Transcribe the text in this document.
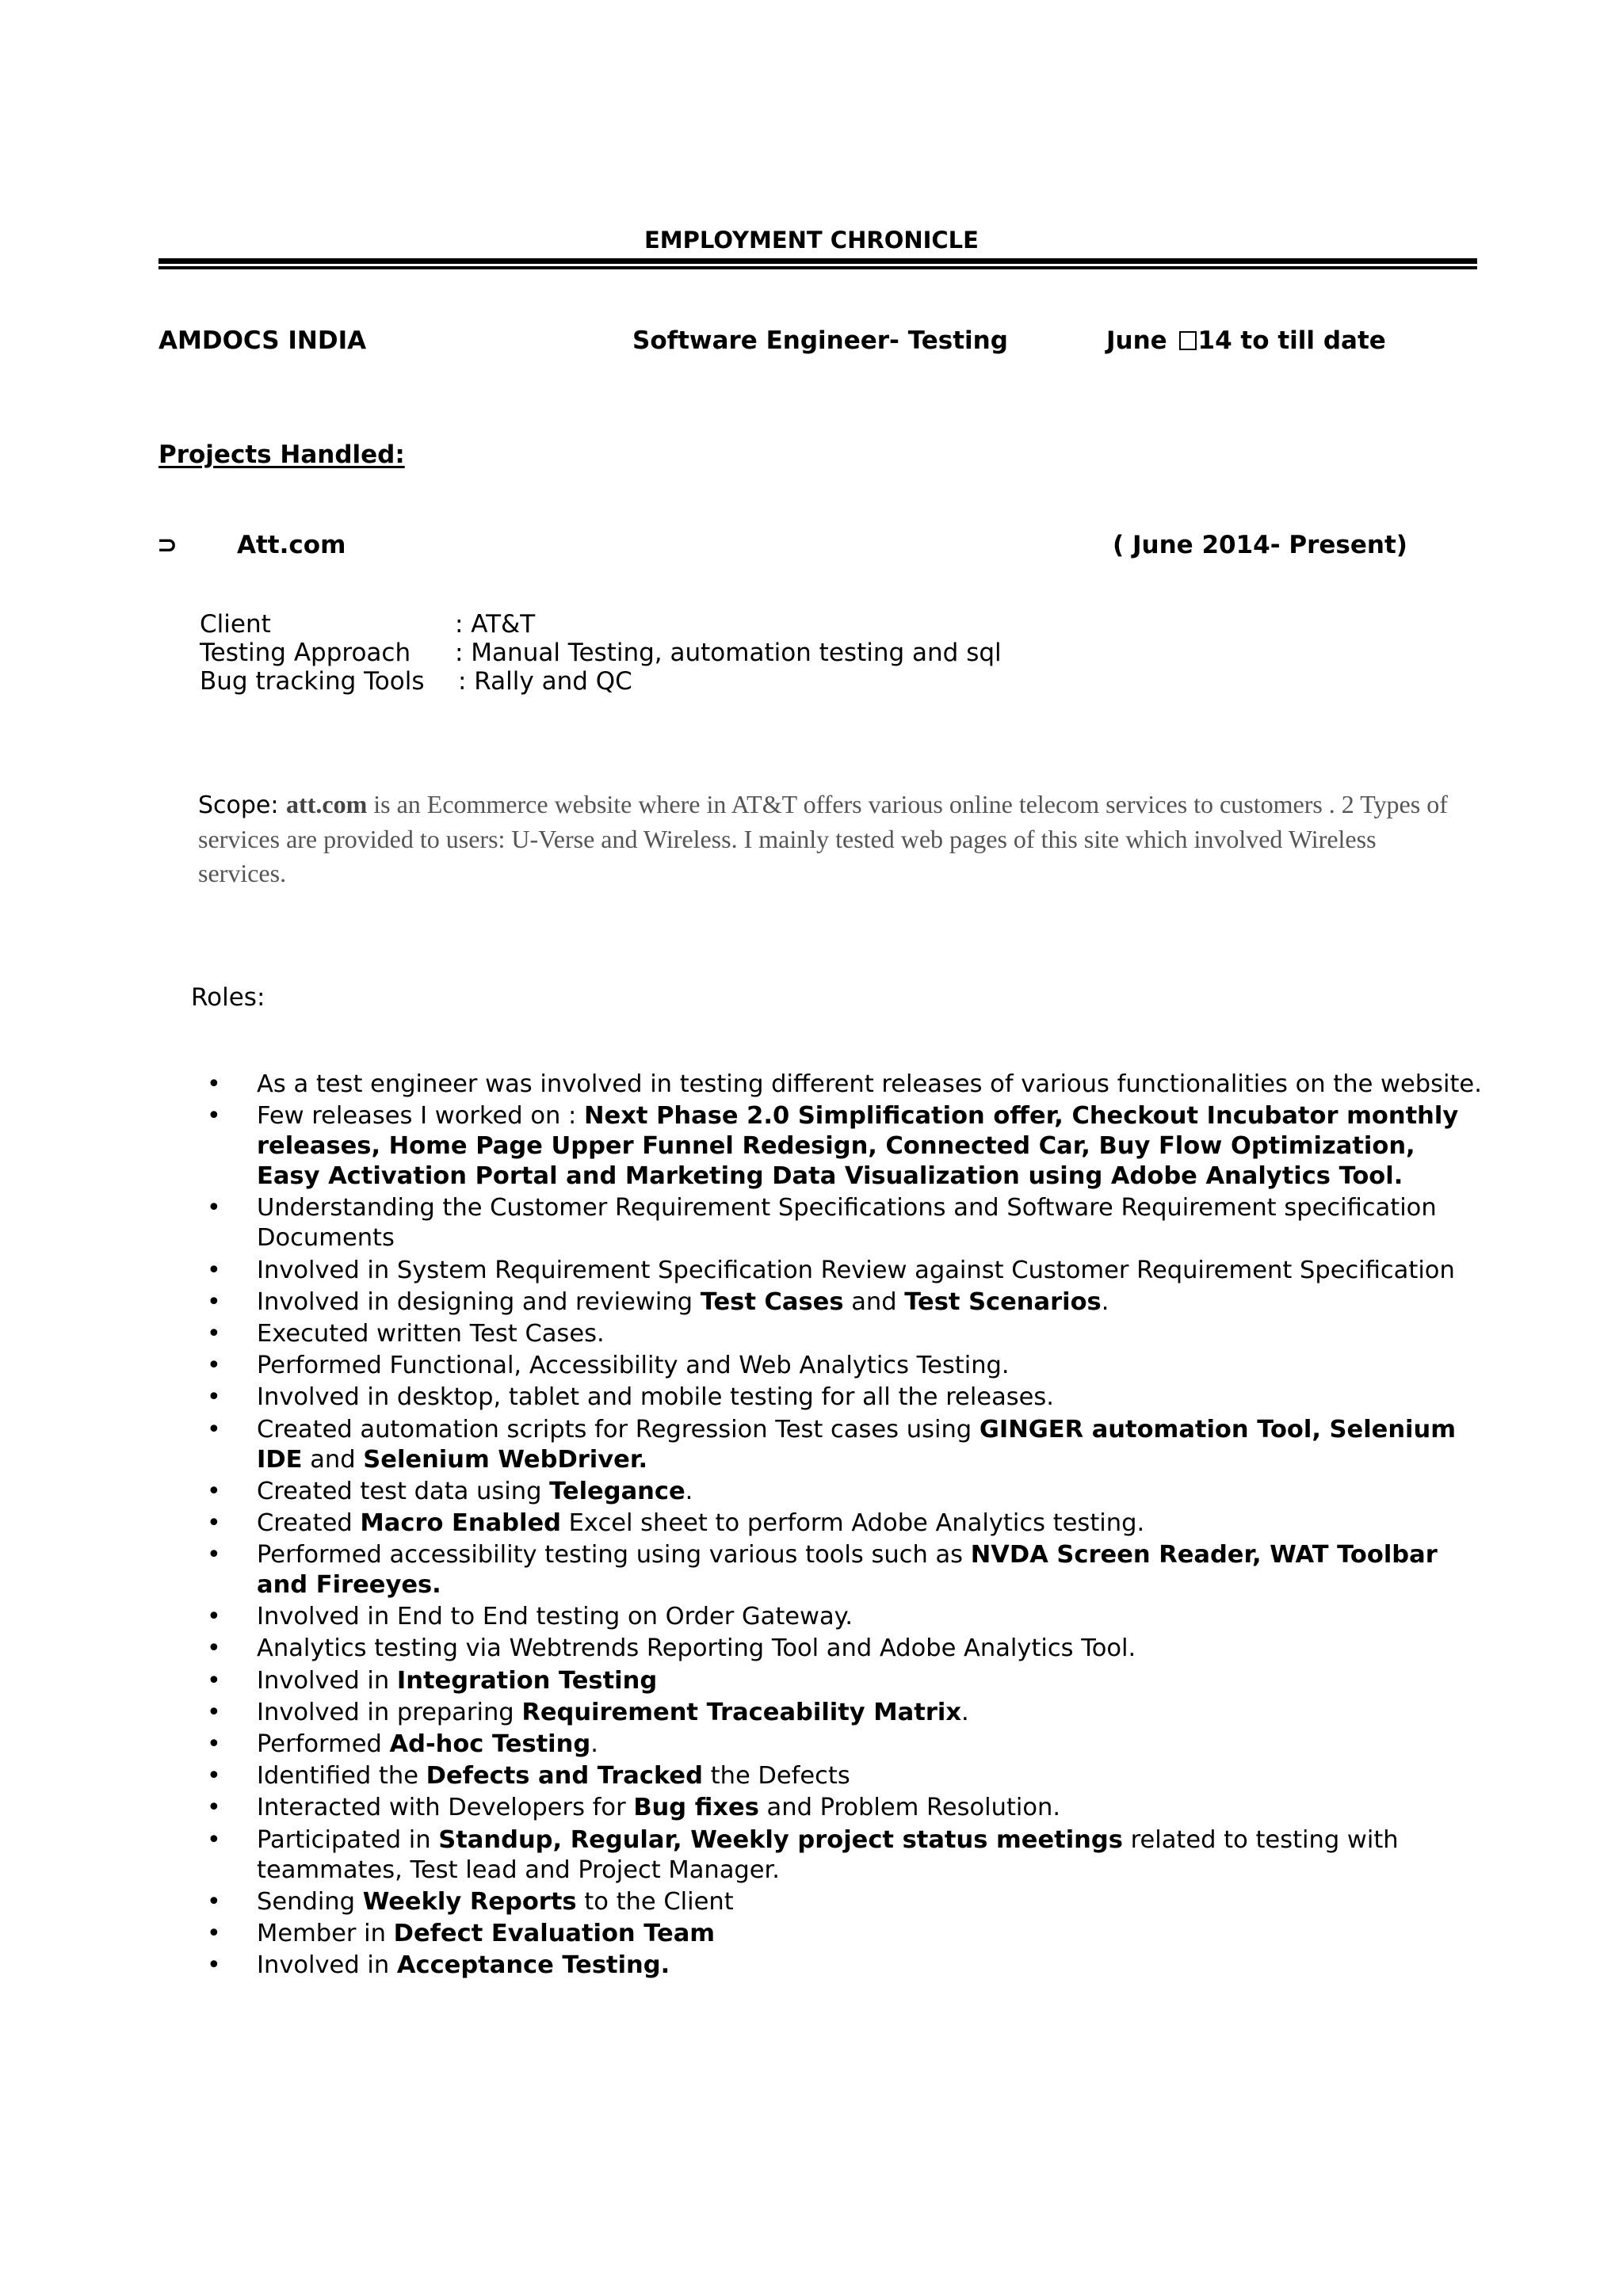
EMPLOYMENT CHRONICLE
AMDOCS INDIA	Software Engineer- Testing	June 14 to till date
Projects Handled:
⊃ Att.com	( June 2014- Present)
Client	: AT&T
Testing Approach : Manual Testing, automation testing and sql
Bug tracking Tools : Rally and QC
Scope: att.com is an Ecommerce website where in AT&T offers various online telecom services to customers . 2 Types of services are provided to users: U-Verse and Wireless. I mainly tested web pages of this site which involved Wireless services.
Roles:
• As a test engineer was involved in testing different releases of various functionalities on the website.
• Few releases I worked on : Next Phase 2.0 Simplification offer, Checkout Incubator monthly releases, Home Page Upper Funnel Redesign, Connected Car, Buy Flow Optimization, Easy Activation Portal and Marketing Data Visualization using Adobe Analytics Tool.
• Understanding the Customer Requirement Specifications and Software Requirement specification Documents
• Involved in System Requirement Specification Review against Customer Requirement Specification
• Involved in designing and reviewing Test Cases and Test Scenarios.
• Executed written Test Cases.
• Performed Functional, Accessibility and Web Analytics Testing.
• Involved in desktop, tablet and mobile testing for all the releases.
• Created automation scripts for Regression Test cases using GINGER automation Tool, Selenium IDE and Selenium WebDriver.
• Created test data using Telegance.
• Created Macro Enabled Excel sheet to perform Adobe Analytics testing.
• Performed accessibility testing using various tools such as NVDA Screen Reader, WAT Toolbar and Fireeyes.
• Involved in End to End testing on Order Gateway.
• Analytics testing via Webtrends Reporting Tool and Adobe Analytics Tool.
• Involved in Integration Testing
• Involved in preparing Requirement Traceability Matrix.
• Performed Ad-hoc Testing.
• Identified the Defects and Tracked the Defects
• Interacted with Developers for Bug fixes and Problem Resolution.
• Participated in Standup, Regular, Weekly project status meetings related to testing with teammates, Test lead and Project Manager.
• Sending Weekly Reports to the Client
• Member in Defect Evaluation Team
• Involved in Acceptance Testing.
